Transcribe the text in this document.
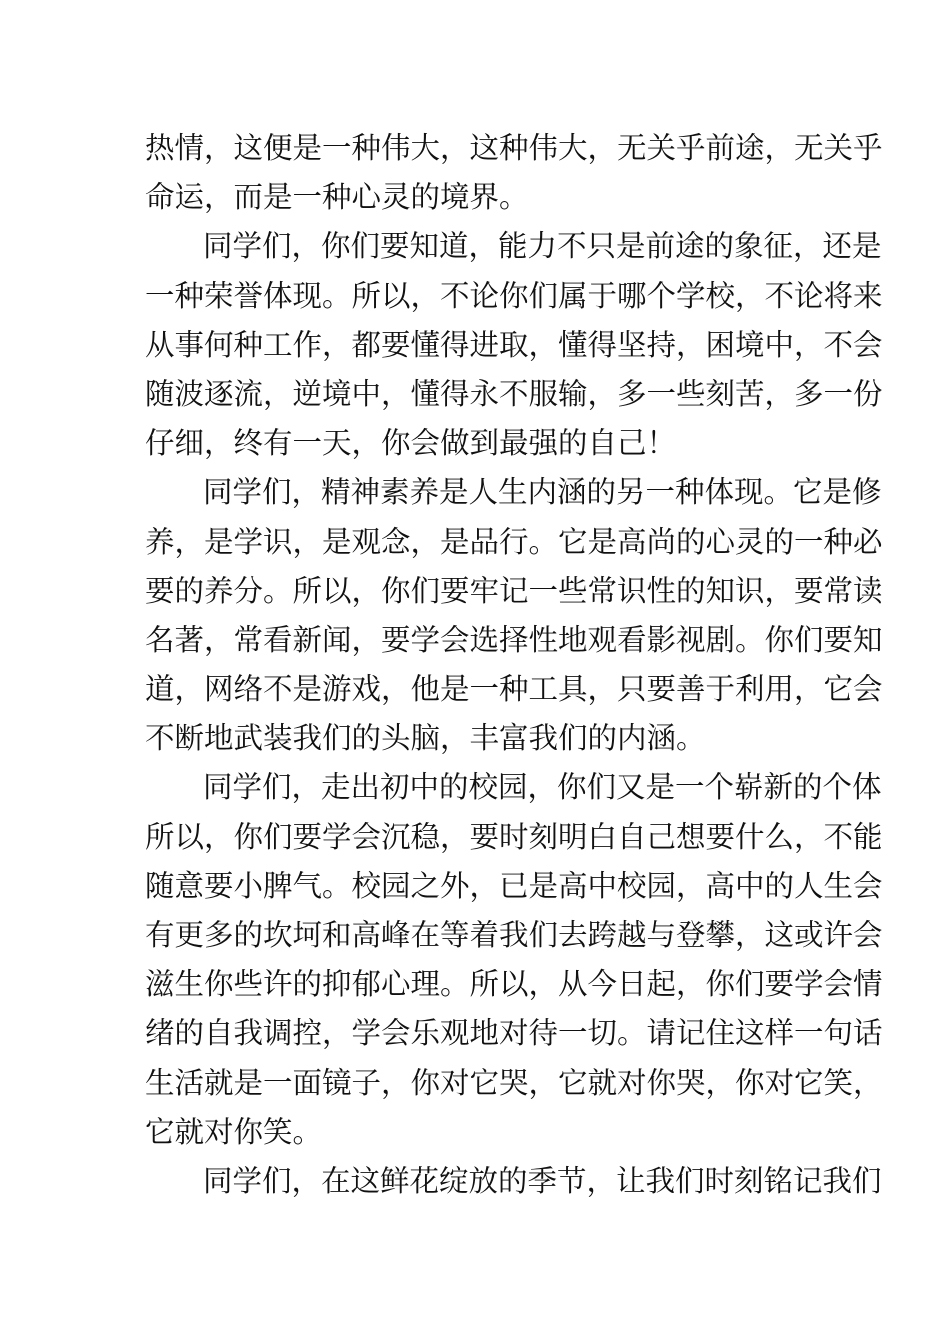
热情，这便是一种伟大，这种伟大，无关乎前途，无关乎
命运，而是一种心灵的境界。
同学们，你们要知道，能力不只是前途的象征，还是
一种荣誉体现。所以，不论你们属于哪个学校，不论将来
从事何种工作，都要懂得进取，懂得坚持，困境中，不会
随波逐流，逆境中，懂得永不服输，多一些刻苦，多一份
仔细，终有一天，你会做到最强的自己！
同学们，精神素养是人生内涵的另一种体现。它是修
养，是学识，是观念，是品行。它是高尚的心灵的一种必
要的养分。所以，你们要牢记一些常识性的知识，要常读
名著，常看新闻，要学会选择性地观看影视剧。你们要知
道，网络不是游戏，他是一种工具，只要善于利用，它会
不断地武装我们的头脑，丰富我们的内涵。
同学们，走出初中的校园，你们又是一个崭新的个体
所以，你们要学会沉稳，要时刻明白自己想要什么，不能
随意要小脾气。校园之外，已是高中校园，高中的人生会
有更多的坎坷和高峰在等着我们去跨越与登攀，这或许会
滋生你些许的抑郁心理。所以，从今日起，你们要学会情
绪的自我调控，学会乐观地对待一切。请记住这样一句话
生活就是一面镜子，你对它哭，它就对你哭，你对它笑，
它就对你笑。
同学们，在这鲜花绽放的季节，让我们时刻铭记我们
